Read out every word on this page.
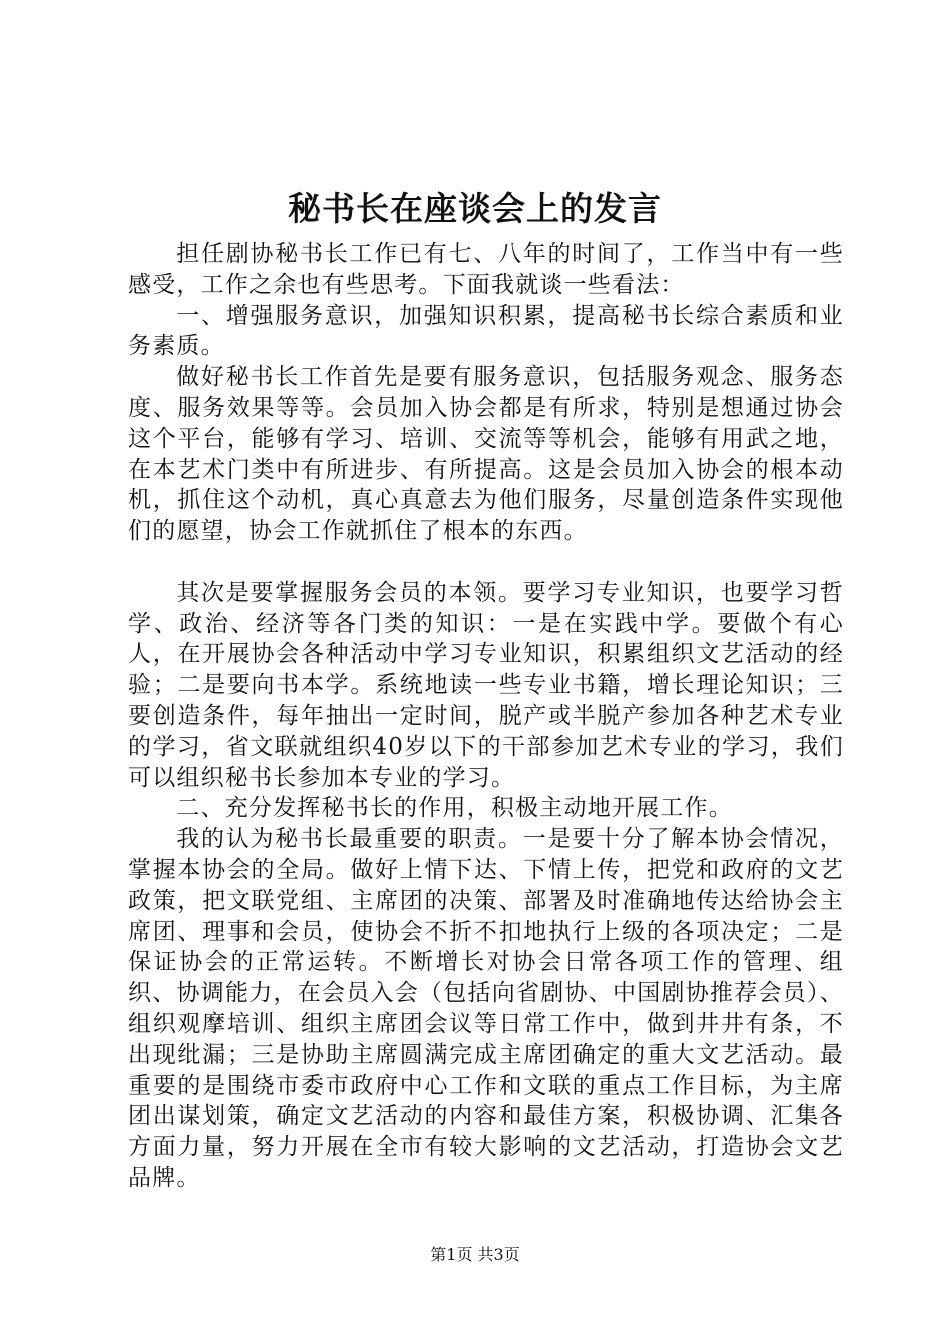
秘书长在座谈会上的发言

担任剧协秘书长工作已有七、八年的时间了，工作当中有一些感受，工作之余也有些思考。下面我就谈一些看法：

一、增强服务意识，加强知识积累，提高秘书长综合素质和业务素质。

做好秘书长工作首先是要有服务意识，包括服务观念、服务态度、服务效果等等。会员加入协会都是有所求，特别是想通过协会这个平台，能够有学习、培训、交流等等机会，能够有用武之地，在本艺术门类中有所进步、有所提高。这是会员加入协会的根本动机，抓住这个动机，真心真意去为他们服务，尽量创造条件实现他们的愿望，协会工作就抓住了根本的东西。

其次是要掌握服务会员的本领。要学习专业知识，也要学习哲学、政治、经济等各门类的知识：一是在实践中学。要做个有心人，在开展协会各种活动中学习专业知识，积累组织文艺活动的经验；二是要向书本学。系统地读一些专业书籍，增长理论知识；三要创造条件，每年抽出一定时间，脱产或半脱产参加各种艺术专业的学习，省文联就组织40岁以下的干部参加艺术专业的学习，我们可以组织秘书长参加本专业的学习。

二、充分发挥秘书长的作用，积极主动地开展工作。

我的认为秘书长最重要的职责。一是要十分了解本协会情况，掌握本协会的全局。做好上情下达、下情上传，把党和政府的文艺政策，把文联党组、主席团的决策、部署及时准确地传达给协会主席团、理事和会员，使协会不折不扣地执行上级的各项决定；二是保证协会的正常运转。不断增长对协会日常各项工作的管理、组织、协调能力，在会员入会（包括向省剧协、中国剧协推荐会员）、组织观摩培训、组织主席团会议等日常工作中，做到井井有条，不出现纰漏；三是协助主席圆满完成主席团确定的重大文艺活动。最重要的是围绕市委市政府中心工作和文联的重点工作目标，为主席团出谋划策，确定文艺活动的内容和最佳方案，积极协调、汇集各方面力量，努力开展在全市有较大影响的文艺活动，打造协会文艺品牌。

第1页 共3页
